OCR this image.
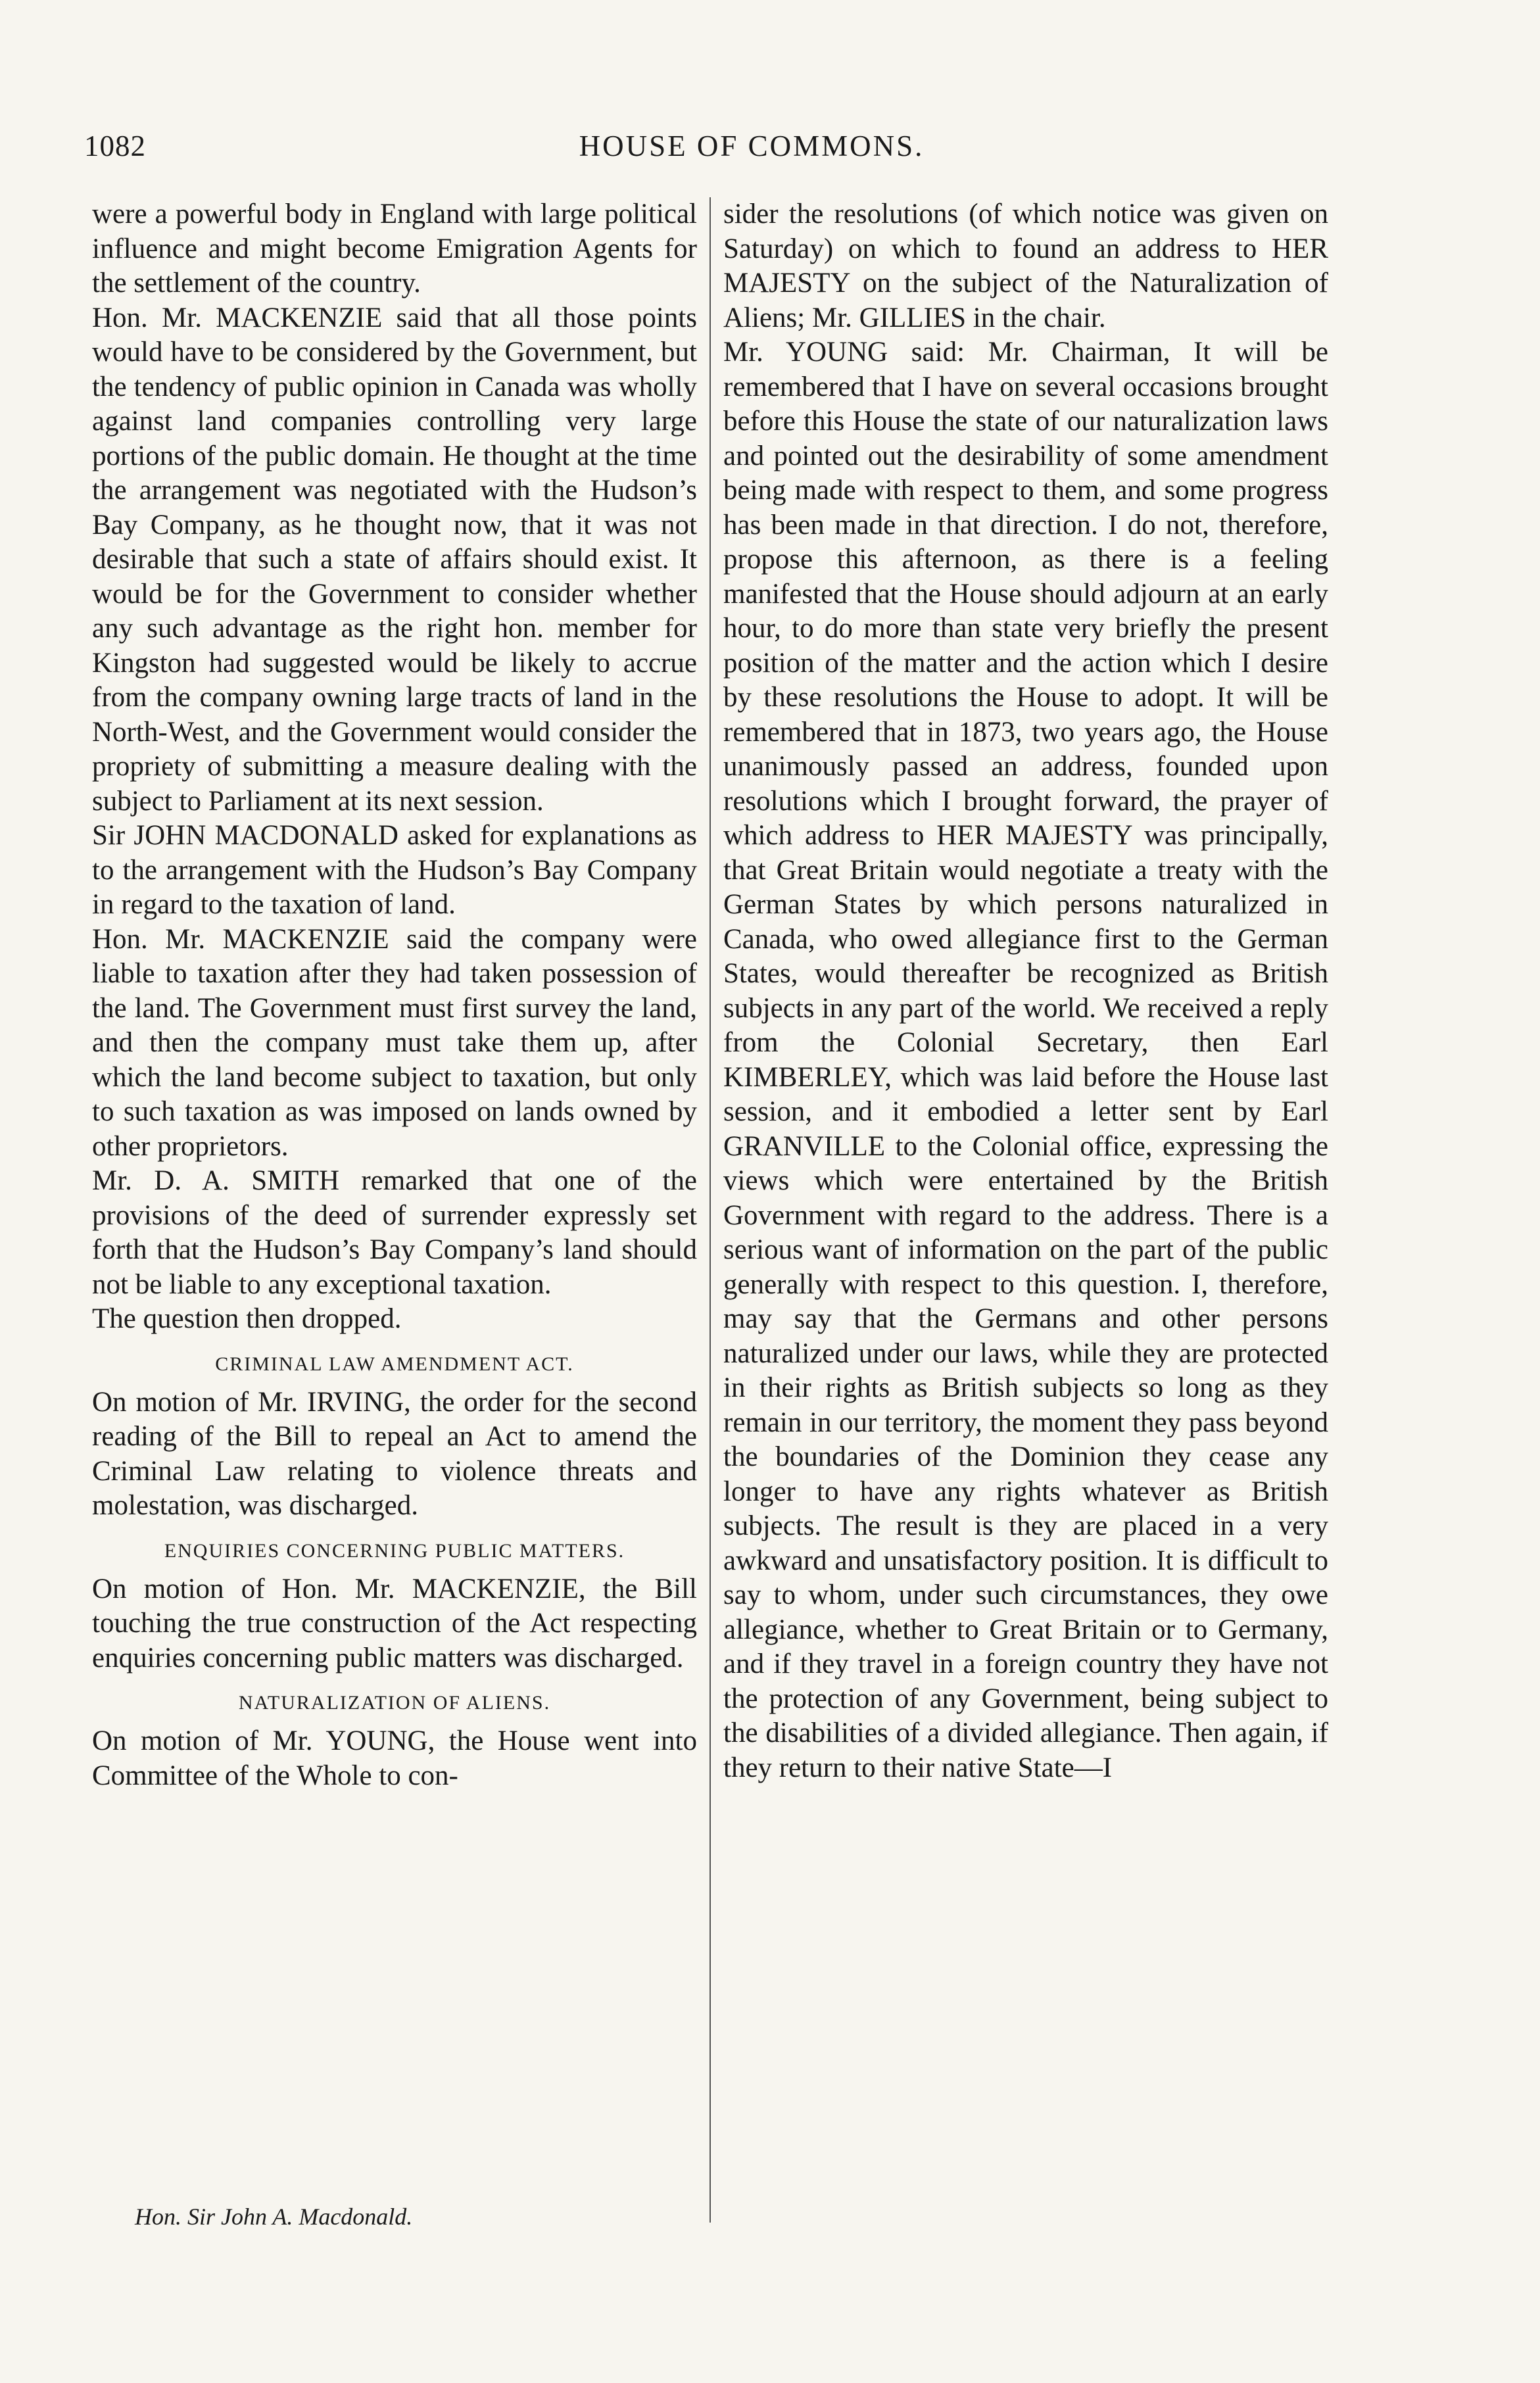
1082	HOUSE OF COMMONS.

were a powerful body in England with large political influence and might become Emigration Agents for the settlement of the country.

Hon. Mr. MACKENZIE said that all those points would have to be considered by the Government, but the tendency of public opinion in Canada was wholly against land companies controlling very large portions of the public domain. He thought at the time the arrangement was negotiated with the Hudson’s Bay Company, as he thought now, that it was not desirable that such a state of affairs should exist. It would be for the Government to consider whether any such advantage as the right hon. member for Kingston had suggested would be likely to accrue from the company owning large tracts of land in the North-West, and the Government would consider the propriety of submitting a measure dealing with the subject to Parliament at its next session.

Sir JOHN MACDONALD asked for explanations as to the arrangement with the Hudson’s Bay Company in regard to the taxation of land.

Hon. Mr. MACKENZIE said the company were liable to taxation after they had taken possession of the land. The Government must first survey the land, and then the company must take them up, after which the land become subject to taxation, but only to such taxation as was imposed on lands owned by other proprietors.

Mr. D. A. SMITH remarked that one of the provisions of the deed of surrender expressly set forth that the Hudson’s Bay Company’s land should not be liable to any exceptional taxation.

The question then dropped.

CRIMINAL LAW AMENDMENT ACT.

On motion of Mr. IRVING, the order for the second reading of the Bill to repeal an Act to amend the Criminal Law relating to violence threats and molestation, was discharged.

ENQUIRIES CONCERNING PUBLIC MATTERS.

On motion of Hon. Mr. MACKENZIE, the Bill touching the true construction of the Act respecting enquiries concerning public matters was discharged.

NATURALIZATION OF ALIENS.

On motion of Mr. YOUNG, the House went into Committee of the Whole to con-

sider the resolutions (of which notice was given on Saturday) on which to found an address to HER MAJESTY on the subject of the Naturalization of Aliens; Mr. GILLIES in the chair.

Mr. YOUNG said: Mr. Chairman, It will be remembered that I have on several occasions brought before this House the state of our naturalization laws and pointed out the desirability of some amendment being made with respect to them, and some progress has been made in that direction. I do not, therefore, propose this afternoon, as there is a feeling manifested that the House should adjourn at an early hour, to do more than state very briefly the present position of the matter and the action which I desire by these resolutions the House to adopt. It will be remembered that in 1873, two years ago, the House unanimously passed an address, founded upon resolutions which I brought forward, the prayer of which address to HER MAJESTY was principally, that Great Britain would negotiate a treaty with the German States by which persons naturalized in Canada, who owed allegiance first to the German States, would thereafter be recognized as British subjects in any part of the world. We received a reply from the Colonial Secretary, then Earl KIMBERLEY, which was laid before the House last session, and it embodied a letter sent by Earl GRANVILLE to the Colonial office, expressing the views which were entertained by the British Government with regard to the address. There is a serious want of information on the part of the public generally with respect to this question. I, therefore, may say that the Germans and other persons naturalized under our laws, while they are protected in their rights as British subjects so long as they remain in our territory, the moment they pass beyond the boundaries of the Dominion they cease any longer to have any rights whatever as British subjects. The result is they are placed in a very awkward and unsatisfactory position. It is difficult to say to whom, under such circumstances, they owe allegiance, whether to Great Britain or to Germany, and if they travel in a foreign country they have not the protection of any Government, being subject to the disabilities of a divided allegiance. Then again, if they return to their native State—I

Hon. Sir John A. Macdonald.
